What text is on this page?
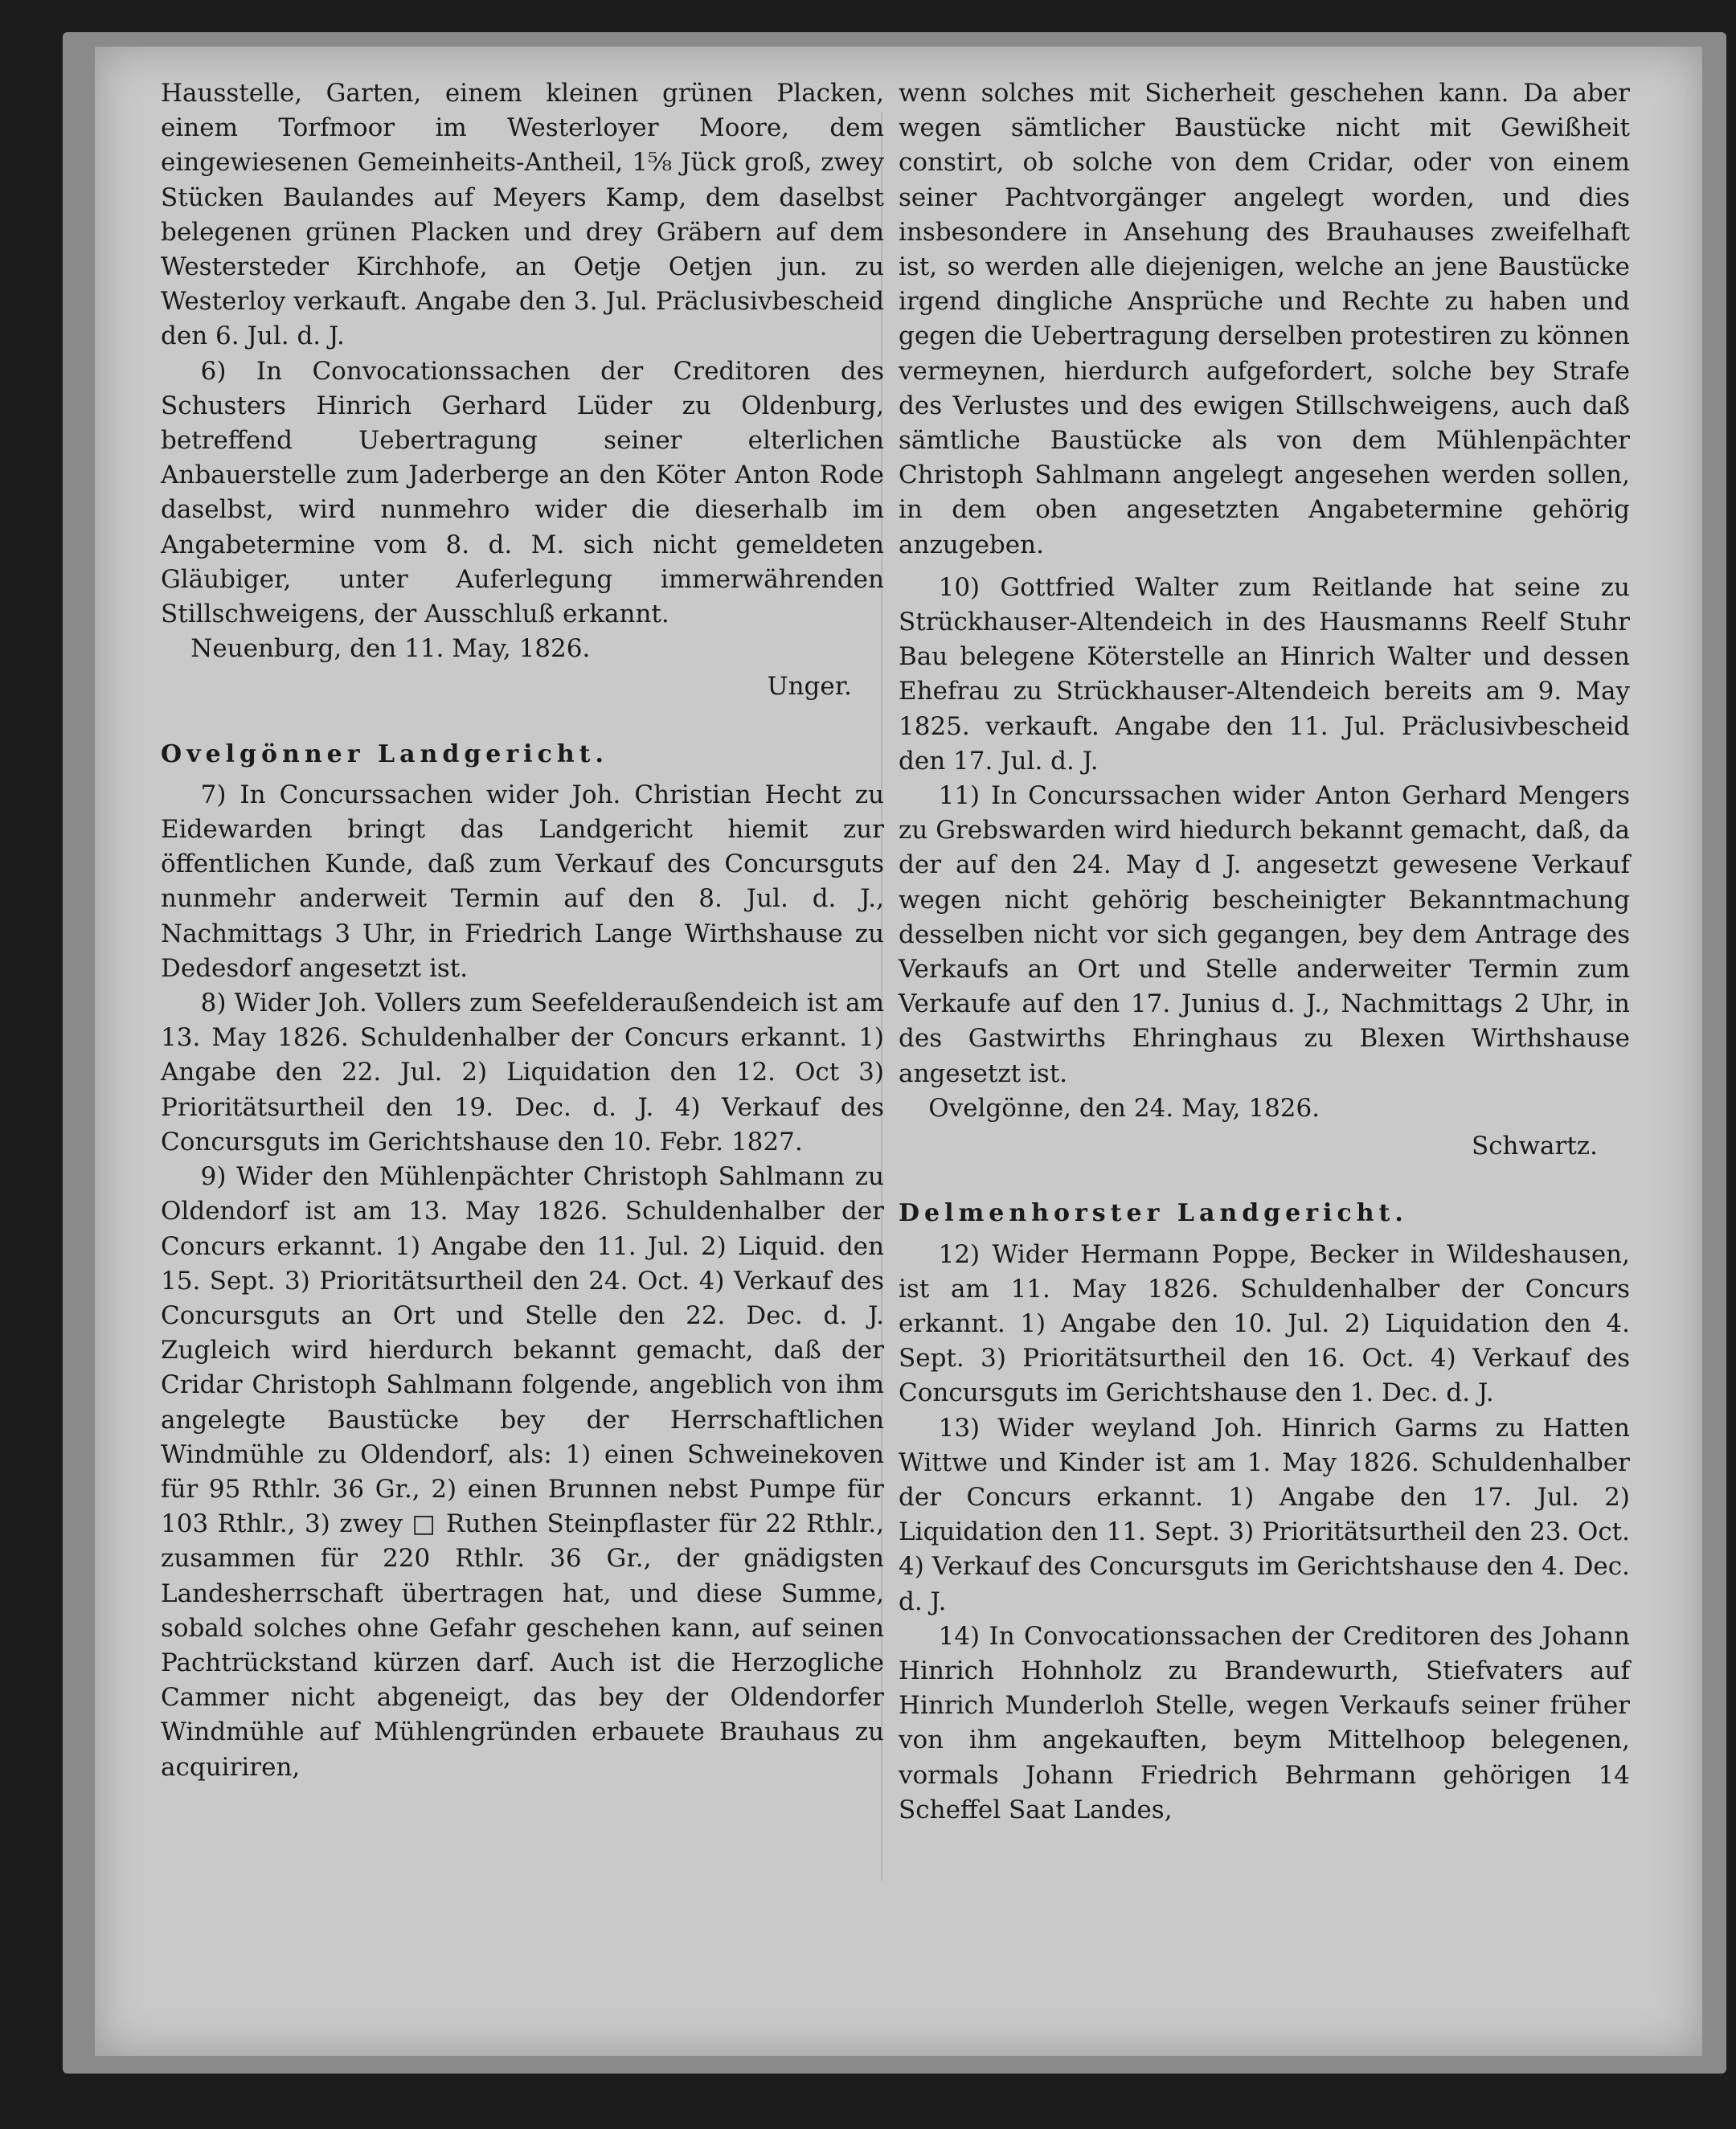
Hausstelle, Garten, einem kleinen grünen Placken, einem Torfmoor im Westerloyer Moore, dem eingewiesenen Gemeinheits-Antheil, 1⅝ Jück groß, zwey Stücken Baulandes auf Meyers Kamp, dem daselbst belegenen grünen Placken und drey Gräbern auf dem Westersteder Kirchhofe, an Oetje Oetjen jun. zu Westerloy verkauft. Angabe den 3. Jul. Präclusivbescheid den 6. Jul. d. J.

6) In Convocationssachen der Creditoren des Schusters Hinrich Gerhard Lüder zu Oldenburg, betreffend Uebertragung seiner elterlichen Anbauerstelle zum Jaderberge an den Köter Anton Rode daselbst, wird nunmehro wider die dieserhalb im Angabetermine vom 8. d. M. sich nicht gemeldeten Gläubiger, unter Auferlegung immerwährenden Stillschweigens, der Ausschluß erkannt.

Neuenburg, den 11. May, 1826.

Unger.

Ovelgönner Landgericht.

7) In Concurssachen wider Joh. Christian Hecht zu Eidewarden bringt das Landgericht hiemit zur öffentlichen Kunde, daß zum Verkauf des Concursguts nunmehr anderweit Termin auf den 8. Jul. d. J., Nachmittags 3 Uhr, in Friedrich Lange Wirthshause zu Dedesdorf angesetzt ist.

8) Wider Joh. Vollers zum Seefelderaußendeich ist am 13. May 1826. Schuldenhalber der Concurs erkannt. 1) Angabe den 22. Jul. 2) Liquidation den 12. Oct 3) Prioritätsurtheil den 19. Dec. d. J. 4) Verkauf des Concursguts im Gerichtshause den 10. Febr. 1827.

9) Wider den Mühlenpächter Christoph Sahlmann zu Oldendorf ist am 13. May 1826. Schuldenhalber der Concurs erkannt. 1) Angabe den 11. Jul. 2) Liquid. den 15. Sept. 3) Prioritätsurtheil den 24. Oct. 4) Verkauf des Concursguts an Ort und Stelle den 22. Dec. d. J. Zugleich wird hierdurch bekannt gemacht, daß der Cridar Christoph Sahlmann folgende, angeblich von ihm angelegte Baustücke bey der Herrschaftlichen Windmühle zu Oldendorf, als: 1) einen Schweinekoven für 95 Rthlr. 36 Gr., 2) einen Brunnen nebst Pumpe für 103 Rthlr., 3) zwey □ Ruthen Steinpflaster für 22 Rthlr., zusammen für 220 Rthlr. 36 Gr., der gnädigsten Landesherrschaft übertragen hat, und diese Summe, sobald solches ohne Gefahr geschehen kann, auf seinen Pachtrückstand kürzen darf. Auch ist die Herzogliche Cammer nicht abgeneigt, das bey der Oldendorfer Windmühle auf Mühlengründen erbauete Brauhaus zu acquiriren,

wenn solches mit Sicherheit geschehen kann. Da aber wegen sämtlicher Baustücke nicht mit Gewißheit constirt, ob solche von dem Cridar, oder von einem seiner Pachtvorgänger angelegt worden, und dies insbesondere in Ansehung des Brauhauses zweifelhaft ist, so werden alle diejenigen, welche an jene Baustücke irgend dingliche Ansprüche und Rechte zu haben und gegen die Uebertragung derselben protestiren zu können vermeynen, hierdurch aufgefordert, solche bey Strafe des Verlustes und des ewigen Stillschweigens, auch daß sämtliche Baustücke als von dem Mühlenpächter Christoph Sahlmann angelegt angesehen werden sollen, in dem oben angesetzten Angabetermine gehörig anzugeben.

10) Gottfried Walter zum Reitlande hat seine zu Strückhauser-Altendeich in des Hausmanns Reelf Stuhr Bau belegene Köterstelle an Hinrich Walter und dessen Ehefrau zu Strückhauser-Altendeich bereits am 9. May 1825. verkauft. Angabe den 11. Jul. Präclusivbescheid den 17. Jul. d. J.

11) In Concurssachen wider Anton Gerhard Mengers zu Grebswarden wird hiedurch bekannt gemacht, daß, da der auf den 24. May d J. angesetzt gewesene Verkauf wegen nicht gehörig bescheinigter Bekanntmachung desselben nicht vor sich gegangen, bey dem Antrage des Verkaufs an Ort und Stelle anderweiter Termin zum Verkaufe auf den 17. Junius d. J., Nachmittags 2 Uhr, in des Gastwirths Ehringhaus zu Blexen Wirthshause angesetzt ist.

Ovelgönne, den 24. May, 1826.

Schwartz.

Delmenhorster Landgericht.

12) Wider Hermann Poppe, Becker in Wildeshausen, ist am 11. May 1826. Schuldenhalber der Concurs erkannt. 1) Angabe den 10. Jul. 2) Liquidation den 4. Sept. 3) Prioritätsurtheil den 16. Oct. 4) Verkauf des Concursguts im Gerichtshause den 1. Dec. d. J.

13) Wider weyland Joh. Hinrich Garms zu Hatten Wittwe und Kinder ist am 1. May 1826. Schuldenhalber der Concurs erkannt. 1) Angabe den 17. Jul. 2) Liquidation den 11. Sept. 3) Prioritätsurtheil den 23. Oct. 4) Verkauf des Concursguts im Gerichtshause den 4. Dec. d. J.

14) In Convocationssachen der Creditoren des Johann Hinrich Hohnholz zu Brandewurth, Stiefvaters auf Hinrich Munderloh Stelle, wegen Verkaufs seiner früher von ihm angekauften, beym Mittelhoop belegenen, vormals Johann Friedrich Behrmann gehörigen 14 Scheffel Saat Landes,
